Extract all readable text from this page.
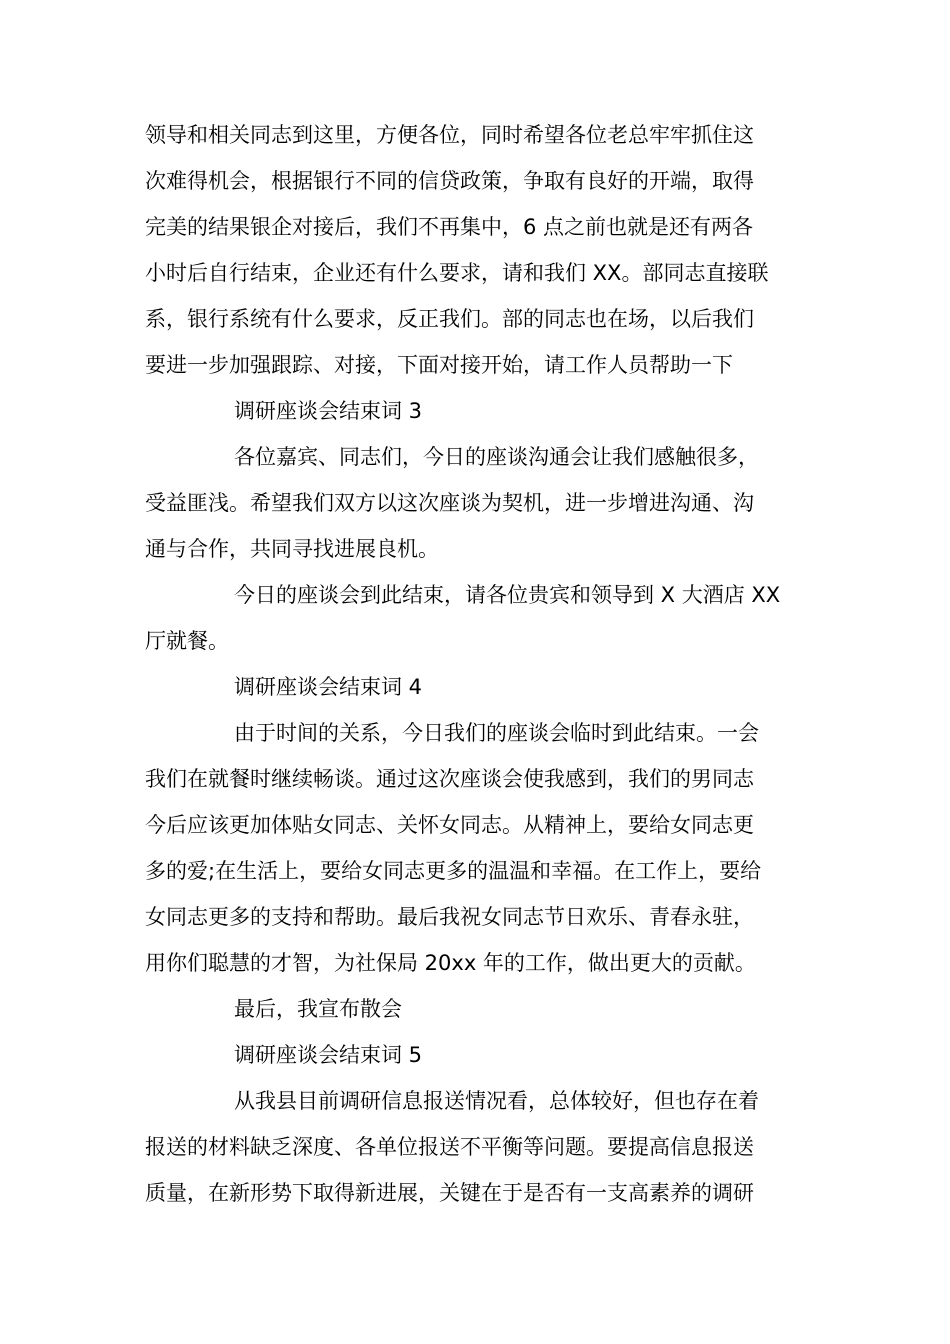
领导和相关同志到这里，方便各位，同时希望各位老总牢牢抓住这
次难得机会，根据银行不同的信贷政策，争取有良好的开端，取得
完美的结果银企对接后，我们不再集中，6 点之前也就是还有两各
小时后自行结束，企业还有什么要求，请和我们 XX。部同志直接联
系，银行系统有什么要求，反正我们。部的同志也在场，以后我们
要进一步加强跟踪、对接，下面对接开始，请工作人员帮助一下
调研座谈会结束词 3
各位嘉宾、同志们，今日的座谈沟通会让我们感触很多，
受益匪浅。希望我们双方以这次座谈为契机，进一步增进沟通、沟
通与合作，共同寻找进展良机。
今日的座谈会到此结束，请各位贵宾和领导到 X 大酒店 XX
厅就餐。
调研座谈会结束词 4
由于时间的关系，今日我们的座谈会临时到此结束。一会
我们在就餐时继续畅谈。通过这次座谈会使我感到，我们的男同志
今后应该更加体贴女同志、关怀女同志。从精神上，要给女同志更
多的爱;在生活上，要给女同志更多的温温和幸福。在工作上，要给
女同志更多的支持和帮助。最后我祝女同志节日欢乐、青春永驻，
用你们聪慧的才智，为社保局 20xx 年的工作，做出更大的贡献。
最后，我宣布散会
调研座谈会结束词 5
从我县目前调研信息报送情况看，总体较好，但也存在着
报送的材料缺乏深度、各单位报送不平衡等问题。要提高信息报送
质量，在新形势下取得新进展，关键在于是否有一支高素养的调研
